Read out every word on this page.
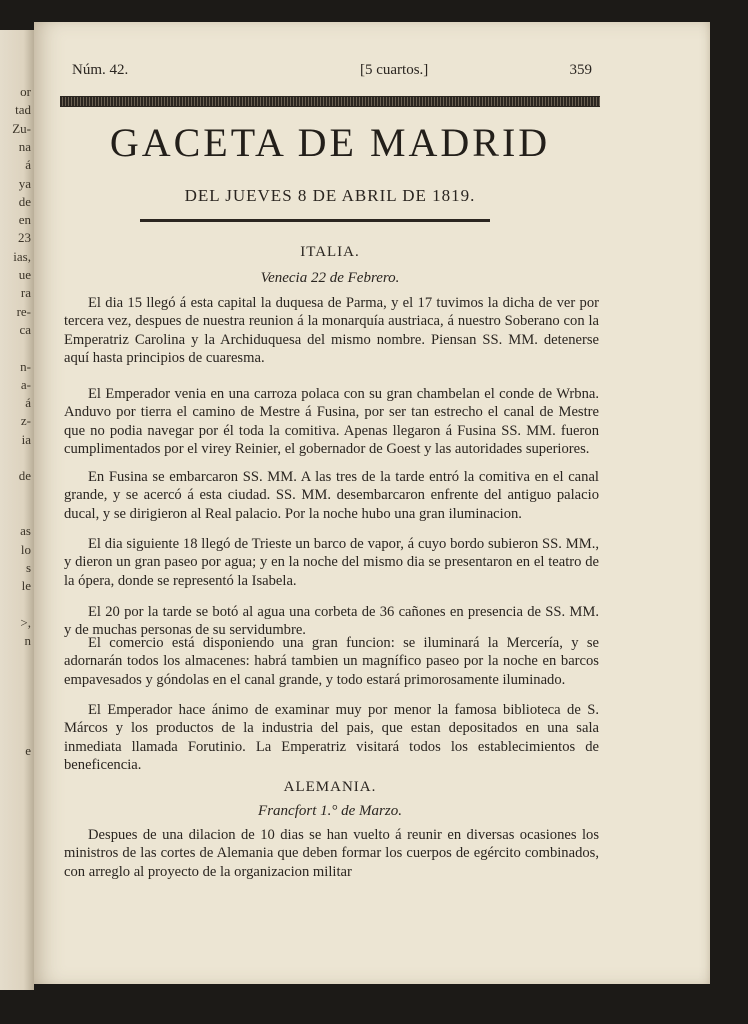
or
tad
Zu-
na
á
ya
de
en
23
ias,
ue
ra
re-
ca
n-
a-
á
z-
ia
de
as
lo
s
le
>,
n
e
Núm. 42.	[5 cuartos.]	359
GACETA DE MADRID
DEL JUEVES 8 DE ABRIL DE 1819.
ITALIA.
Venecia 22 de Febrero.

El dia 15 llegó á esta capital la duquesa de Parma, y el 17 tuvimos la dicha de ver por tercera vez, despues de nuestra reunion á la monarquía austriaca, á nuestro Soberano con la Emperatriz Carolina y la Archiduquesa del mismo nombre. Piensan SS. MM. detenerse aquí hasta principios de cuaresma.

El Emperador venia en una carroza polaca con su gran chambelan el conde de Wrbna. Anduvo por tierra el camino de Mestre á Fusina, por ser tan estrecho el canal de Mestre que no podia navegar por él toda la comitiva. Apenas llegaron á Fusina SS. MM. fueron cumplimentados por el virey Reinier, el gobernador de Goest y las autoridades superiores.

En Fusina se embarcaron SS. MM. A las tres de la tarde entró la comitiva en el canal grande, y se acercó á esta ciudad. SS. MM. desembarcaron enfrente del antiguo palacio ducal, y se dirigieron al Real palacio. Por la noche hubo una gran iluminacion.

El dia siguiente 18 llegó de Trieste un barco de vapor, á cuyo bordo subieron SS. MM., y dieron un gran paseo por agua; y en la noche del mismo dia se presentaron en el teatro de la ópera, donde se representó la Isabela.

El 20 por la tarde se botó al agua una corbeta de 36 cañones en presencia de SS. MM. y de muchas personas de su servidumbre.

El comercio está disponiendo una gran funcion: se iluminará la Mercería, y se adornarán todos los almacenes: habrá tambien un magnífico paseo por la noche en barcos empavesados y góndolas en el canal grande, y todo estará primorosamente iluminado.

El Emperador hace ánimo de examinar muy por menor la famosa biblioteca de S. Márcos y los productos de la industria del pais, que estan depositados en una sala inmediata llamada Forutinio. La Emperatriz visitará todos los establecimientos de beneficencia.

ALEMANIA.
Francfort 1.° de Marzo.

Despues de una dilacion de 10 dias se han vuelto á reunir en diversas ocasiones los ministros de las cortes de Alemania que deben formar los cuerpos de egército combinados, con arreglo al proyecto de la organizacion militar
